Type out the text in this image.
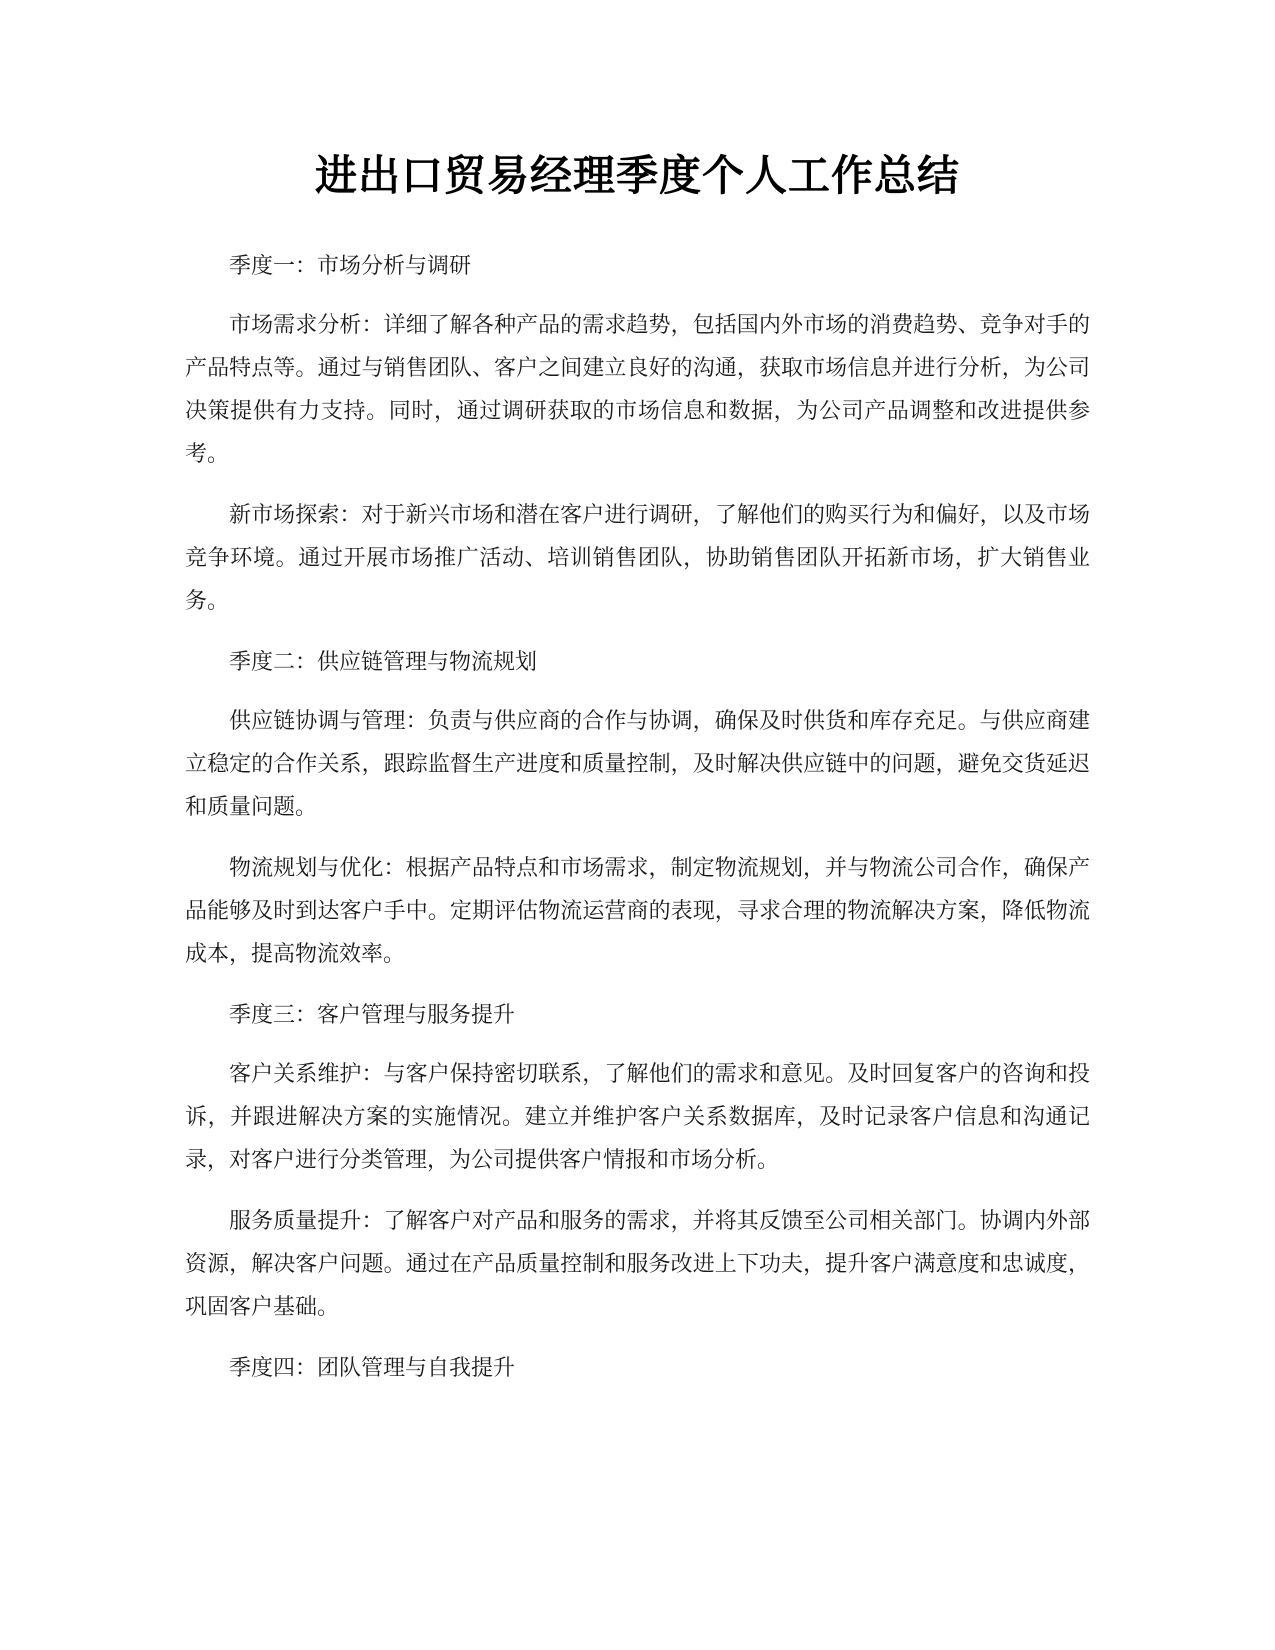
进出口贸易经理季度个人工作总结

季度一：市场分析与调研

市场需求分析：详细了解各种产品的需求趋势，包括国内外市场的消费趋势、竞争对手的产品特点等。通过与销售团队、客户之间建立良好的沟通，获取市场信息并进行分析，为公司决策提供有力支持。同时，通过调研获取的市场信息和数据，为公司产品调整和改进提供参考。

新市场探索：对于新兴市场和潜在客户进行调研，了解他们的购买行为和偏好，以及市场竞争环境。通过开展市场推广活动、培训销售团队，协助销售团队开拓新市场，扩大销售业务。

季度二：供应链管理与物流规划

供应链协调与管理：负责与供应商的合作与协调，确保及时供货和库存充足。与供应商建立稳定的合作关系，跟踪监督生产进度和质量控制，及时解决供应链中的问题，避免交货延迟和质量问题。

物流规划与优化：根据产品特点和市场需求，制定物流规划，并与物流公司合作，确保产品能够及时到达客户手中。定期评估物流运营商的表现，寻求合理的物流解决方案，降低物流成本，提高物流效率。

季度三：客户管理与服务提升

客户关系维护：与客户保持密切联系，了解他们的需求和意见。及时回复客户的咨询和投诉，并跟进解决方案的实施情况。建立并维护客户关系数据库，及时记录客户信息和沟通记录，对客户进行分类管理，为公司提供客户情报和市场分析。

服务质量提升：了解客户对产品和服务的需求，并将其反馈至公司相关部门。协调内外部资源，解决客户问题。通过在产品质量控制和服务改进上下功夫，提升客户满意度和忠诚度，巩固客户基础。

季度四：团队管理与自我提升
